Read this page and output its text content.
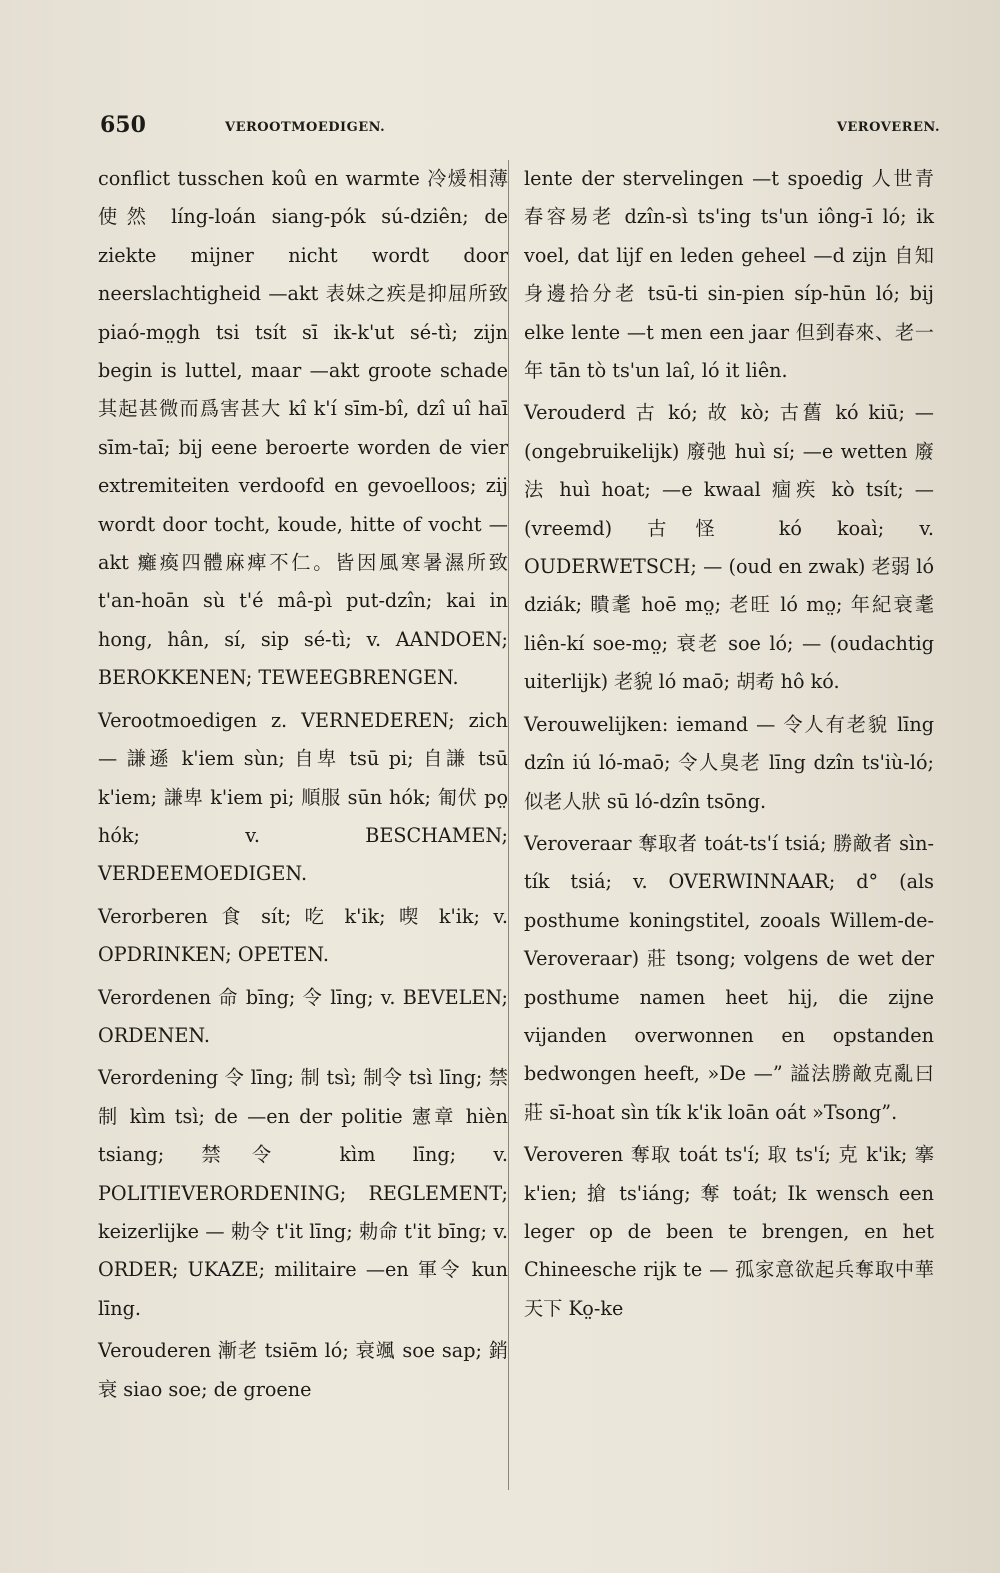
650	VEROOTMOEDIGEN.	VEROVEREN.

conflict tusschen koû en warmte 冷煖相薄使然 líng-loán siang-pók sú-dziên; de ziekte mijner nicht wordt door neerslachtigheid —akt 表妹之疾是抑屈所致 piaó-mo̤gh tsi tsít sī ik-k'ut sé-tì; zijn begin is luttel, maar —akt groote schade 其起甚微而爲害甚大 kî k'í sīm-bî, dzî uî haī sīm-taī; bij eene beroerte worden de vier extremiteiten verdoofd en gevoelloos; zij wordt door tocht, koude, hitte of vocht —akt 癱瘓四體麻痺不仁。皆因風寒暑濕所致 t'an-hoān sù t'é mâ-pì put-dzîn; kai in hong, hân, sí, sip sé-tì; v. AANDOEN; BEROKKENEN; TEWEEGBRENGEN.

Verootmoedigen z. VERNEDEREN; zich — 謙遜 k'iem sùn; 自卑 tsū pi; 自謙 tsū k'iem; 謙卑 k'iem pi; 順服 sūn hók; 匍伏 po̤ hók; v. BESCHAMEN; VERDEEMOEDIGEN.

Verorberen 食 sít; 吃 k'ik; 喫 k'ik; v. OPDRINKEN; OPETEN.

Verordenen 命 bīng; 令 līng; v. BEVELEN; ORDENEN.

Verordening 令 līng; 制 tsì; 制令 tsì līng; 禁制 kìm tsì; de —en der politie 憲章 hièn tsiang; 禁令 kìm līng; v. POLITIEVERORDENING; REGLEMENT; keizerlijke — 勅令 t'it līng; 勅命 t'it bīng; v. ORDER; UKAZE; militaire —en 軍令 kun līng.

Verouderen 漸老 tsiēm ló; 衰颯 soe sap; 銷衰 siao soe; de groene

lente der stervelingen —t spoedig 人世青春容易老 dzîn-sì ts'ing ts'un iông-ī ló; ik voel, dat lijf en leden geheel —d zijn 自知身邊拾分老 tsū-ti sin-pien síp-hūn ló; bij elke lente —t men een jaar 但到春來、老一年 tān tò ts'un laî, ló it liên.

Verouderd 古 kó; 故 kò; 古舊 kó kiū; — (ongebruikelijk) 廢弛 huì sí; —e wetten 廢法 huì hoat; —e kwaal 痼疾 kò tsít; — (vreemd) 古怪 kó koaì; v. OUDERWETSCH; — (oud en zwak) 老弱 ló dziák; 瞶耄 hoē mo̤; 老旺 ló mo̤; 年紀衰耄 liên-kí soe-mo̤; 衰老 soe ló; — (oudachtig uiterlijk) 老貌 ló maō; 胡耇 hô kó.

Verouwelijken: iemand — 令人有老貌 līng dzîn iú ló-maō; 令人臭老 līng dzîn ts'iù-ló; 似老人狀 sū ló-dzîn tsōng.

Veroveraar 奪取者 toát-ts'í tsiá; 勝敵者 sìn-tík tsiá; v. OVERWINNAAR; d° (als posthume koningstitel, zooals Willem-de-Veroveraar) 莊 tsong; volgens de wet der posthume namen heet hij, die zijne vijanden overwonnen en opstanden bedwongen heeft, »De —” 謚法勝敵克亂曰莊 sī-hoat sìn tík k'ik loān oát »Tsong”.

Veroveren 奪取 toát ts'í; 取 ts'í; 克 k'ik; 搴 k'ien; 搶 ts'iáng; 奪 toát; Ik wensch een leger op de been te brengen, en het Chineesche rijk te — 孤家意欲起兵奪取中華天下 Ko̤-ke
